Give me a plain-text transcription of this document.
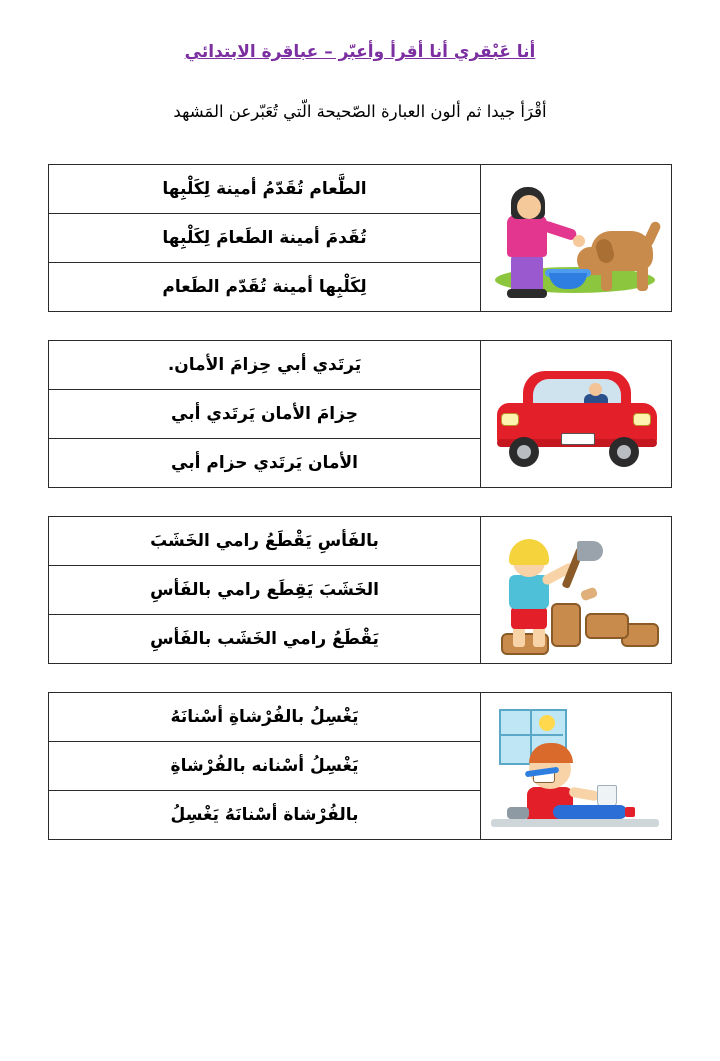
أنا عَبْقري أنا أقرأ وأعبّر – عباقرة الابتدائي
أقْرَأ جيدا ثم ألون العبارة الصّحيحة الّتي تُعَبّرعن المَشهد
الطَّعام تُقَدّمُ أمينة لِكَلْبِها
تُقَدمَ أمينة الطَعامَ لِكَلْبِها
لِكَلْبِها أمينة تُقَدّم الطَعام
يَرتَدي أبي حِزامَ الأمان.
حِزامَ الأمان يَرتَدي أبي
الأمان يَرتَدي حزام أبي
بالفَأسِ يَقْطَعُ رامي الخَشَبَ
الخَشَبَ يَقِطَع رامي بالفَأسِ
يَقْطَعُ رامي الخَشَب بالفَأسِ
يَغْسِلُ بالفُرْشاةِ أسْنانَهُ
يَغْسِلُ أسْنانه بالفُرْشاةِ
بالفُرْشاة أسْنانَهُ يَغْسِلُ
